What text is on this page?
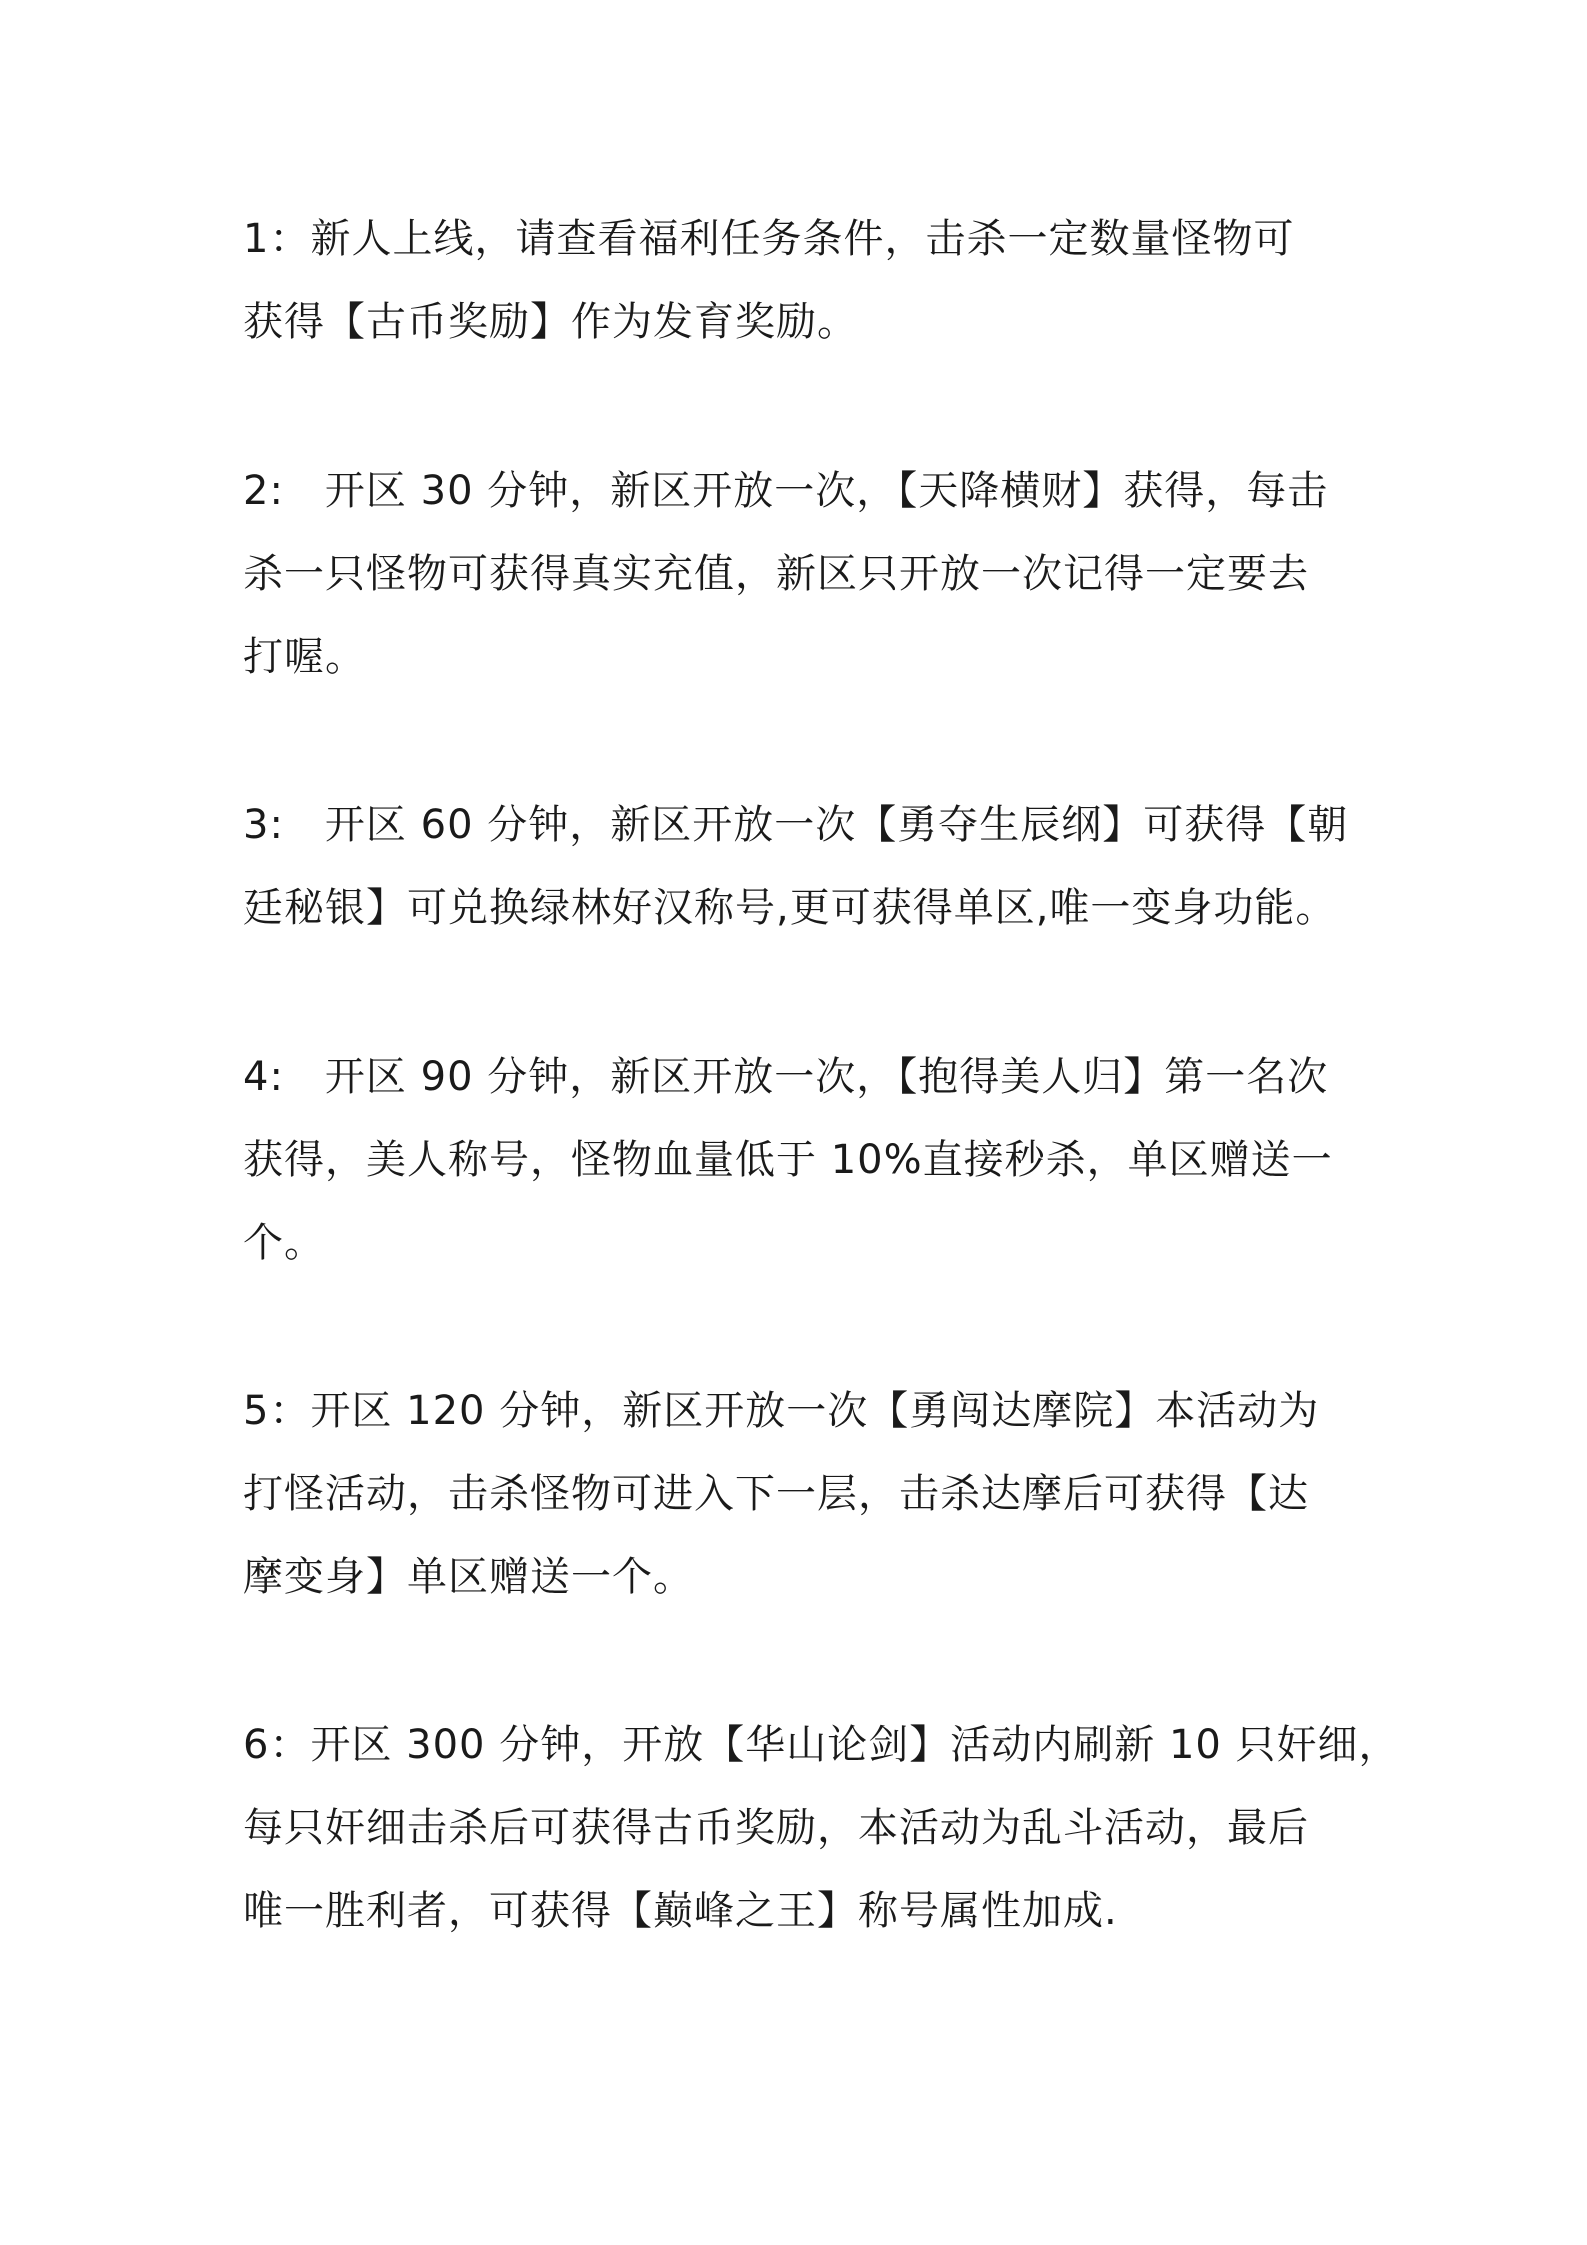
1：新人上线，请查看福利任务条件，击杀一定数量怪物可
获得【古币奖励】作为发育奖励。

2:　开区 30 分钟，新区开放一次，【天降横财】获得，每击
杀一只怪物可获得真实充值，新区只开放一次记得一定要去
打喔。

3:　开区 60 分钟，新区开放一次【勇夺生辰纲】可获得【朝
廷秘银】可兑换绿林好汉称号,更可获得单区,唯一变身功能。

4:　开区 90 分钟，新区开放一次，【抱得美人归】第一名次
获得，美人称号，怪物血量低于 10%直接秒杀，单区赠送一
个。

5：开区 120 分钟，新区开放一次【勇闯达摩院】本活动为
打怪活动，击杀怪物可进入下一层，击杀达摩后可获得【达
摩变身】单区赠送一个。

6：开区 300 分钟，开放【华山论剑】活动内刷新 10 只奸细，
每只奸细击杀后可获得古币奖励，本活动为乱斗活动，最后
唯一胜利者，可获得【巅峰之王】称号属性加成.
